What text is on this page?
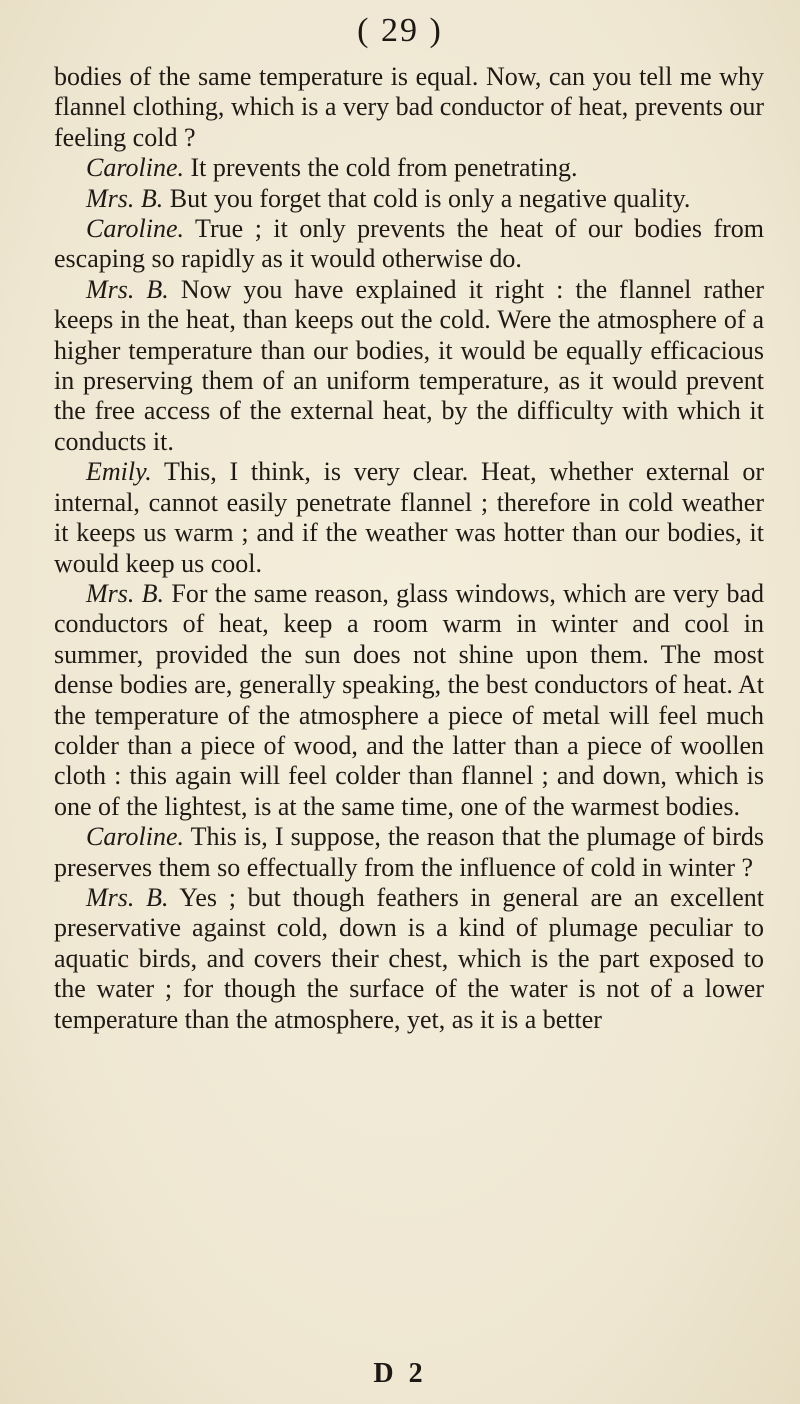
( 29 )

bodies of the same temperature is equal. Now, can you tell me why flannel clothing, which is a very bad conductor of heat, prevents our feeling cold ?

Caroline. It prevents the cold from penetrating.

Mrs. B. But you forget that cold is only a negative quality.

Caroline. True ; it only prevents the heat of our bodies from escaping so rapidly as it would otherwise do.

Mrs. B. Now you have explained it right : the flannel rather keeps in the heat, than keeps out the cold. Were the atmosphere of a higher temperature than our bodies, it would be equally efficacious in preserving them of an uniform temperature, as it would prevent the free access of the external heat, by the difficulty with which it conducts it.

Emily. This, I think, is very clear. Heat, whether external or internal, cannot easily penetrate flannel ; therefore in cold weather it keeps us warm ; and if the weather was hotter than our bodies, it would keep us cool.

Mrs. B. For the same reason, glass windows, which are very bad conductors of heat, keep a room warm in winter and cool in summer, provided the sun does not shine upon them. The most dense bodies are, generally speaking, the best conductors of heat. At the temperature of the atmosphere a piece of metal will feel much colder than a piece of wood, and the latter than a piece of woollen cloth : this again will feel colder than flannel ; and down, which is one of the lightest, is at the same time, one of the warmest bodies.

Caroline. This is, I suppose, the reason that the plumage of birds preserves them so effectually from the influence of cold in winter ?

Mrs. B. Yes ; but though feathers in general are an excellent preservative against cold, down is a kind of plumage peculiar to aquatic birds, and covers their chest, which is the part exposed to the water ; for though the surface of the water is not of a lower temperature than the atmosphere, yet, as it is a better

D 2
